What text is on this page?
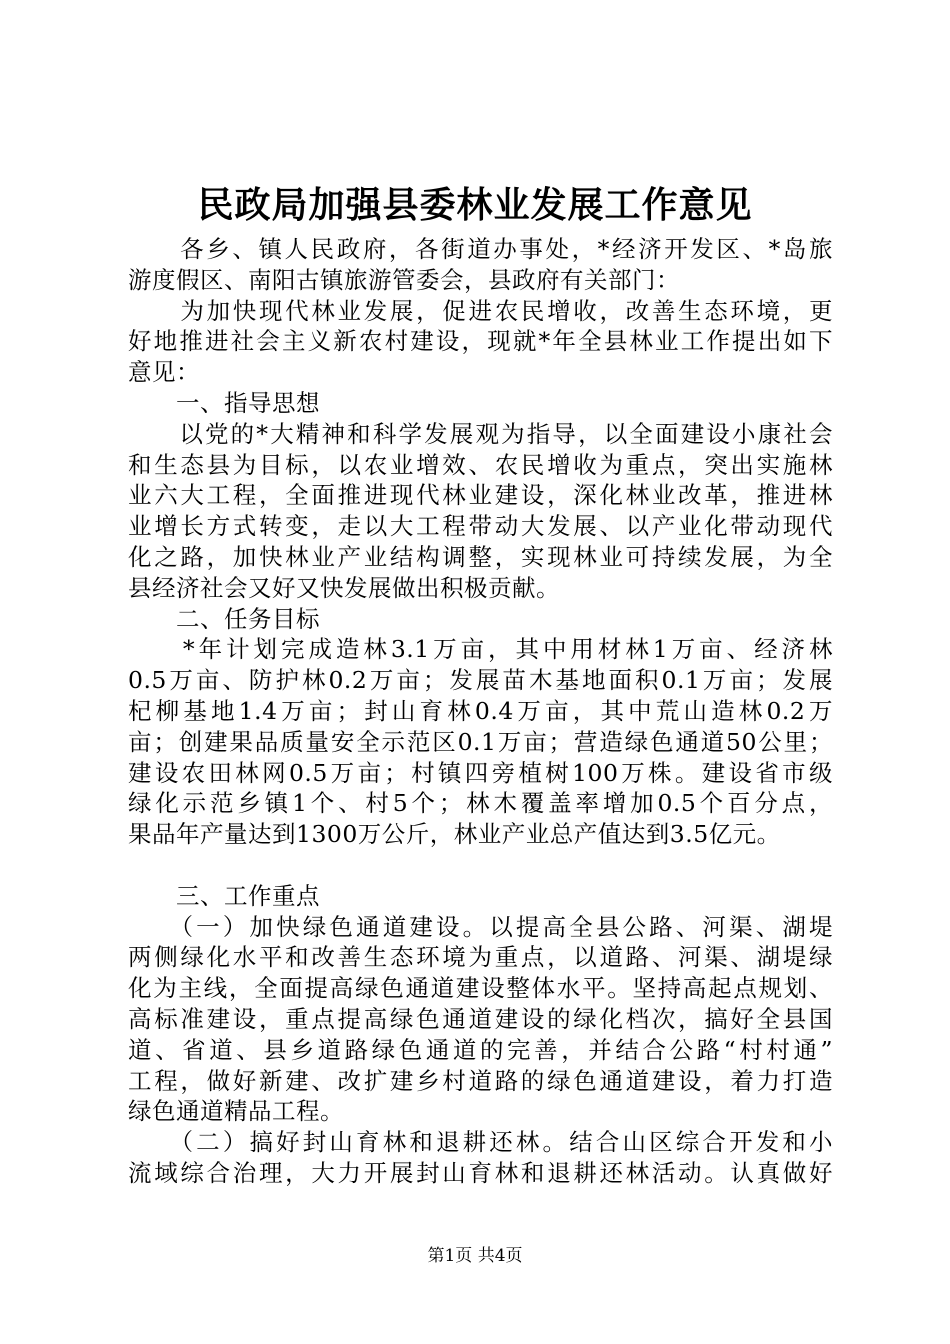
民政局加强县委林业发展工作意见
　　各乡、镇人民政府，各街道办事处，*经济开发区、*岛旅
游度假区、南阳古镇旅游管委会，县政府有关部门：
　　为加快现代林业发展，促进农民增收，改善生态环境，更
好地推进社会主义新农村建设，现就*年全县林业工作提出如下
意见：
　　一、指导思想
　　以党的*大精神和科学发展观为指导，以全面建设小康社会
和生态县为目标，以农业增效、农民增收为重点，突出实施林
业六大工程，全面推进现代林业建设，深化林业改革，推进林
业增长方式转变，走以大工程带动大发展、以产业化带动现代
化之路，加快林业产业结构调整，实现林业可持续发展，为全
县经济社会又好又快发展做出积极贡献。
　　二、任务目标
　　*年计划完成造林3.1万亩，其中用材林1万亩、经济林
0.5万亩、防护林0.2万亩；发展苗木基地面积0.1万亩；发展
杞柳基地1.4万亩；封山育林0.4万亩，其中荒山造林0.2万
亩；创建果品质量安全示范区0.1万亩；营造绿色通道50公里；
建设农田林网0.5万亩；村镇四旁植树100万株。建设省市级
绿化示范乡镇1个、村5个；林木覆盖率增加0.5个百分点，
果品年产量达到1300万公斤，林业产业总产值达到3.5亿元。
　　三、工作重点
　　（一）加快绿色通道建设。以提高全县公路、河渠、湖堤
两侧绿化水平和改善生态环境为重点，以道路、河渠、湖堤绿
化为主线，全面提高绿色通道建设整体水平。坚持高起点规划、
高标准建设，重点提高绿色通道建设的绿化档次，搞好全县国
道、省道、县乡道路绿色通道的完善，并结合公路“村村通”
工程，做好新建、改扩建乡村道路的绿色通道建设，着力打造
绿色通道精品工程。
　　（二）搞好封山育林和退耕还林。结合山区综合开发和小
流域综合治理，大力开展封山育林和退耕还林活动。认真做好
第1页 共4页
